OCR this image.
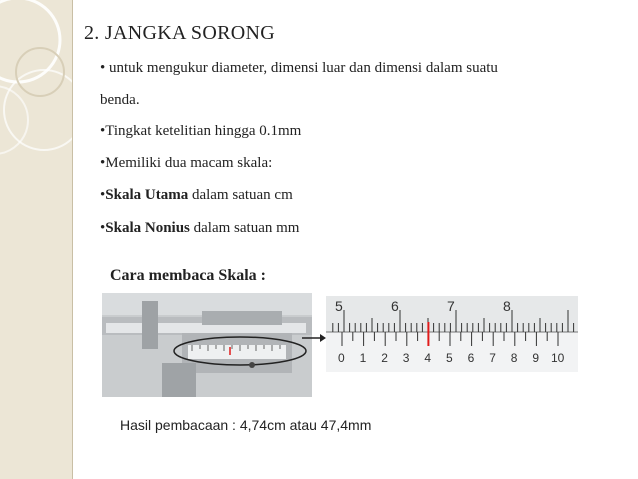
2. JANGKA SORONG
• untuk mengukur diameter, dimensi luar dan dimensi dalam suatu
benda.
•Tingkat ketelitian hingga 0.1mm
•Memiliki dua macam skala:
•Skala Utama dalam satuan cm
•Skala Nonius dalam satuan mm
Cara membaca Skala :
5	6	7	8
0 1 2 3 4 5 6 7 8 9 10
Hasil pembacaan : 4,74cm atau 47,4mm
